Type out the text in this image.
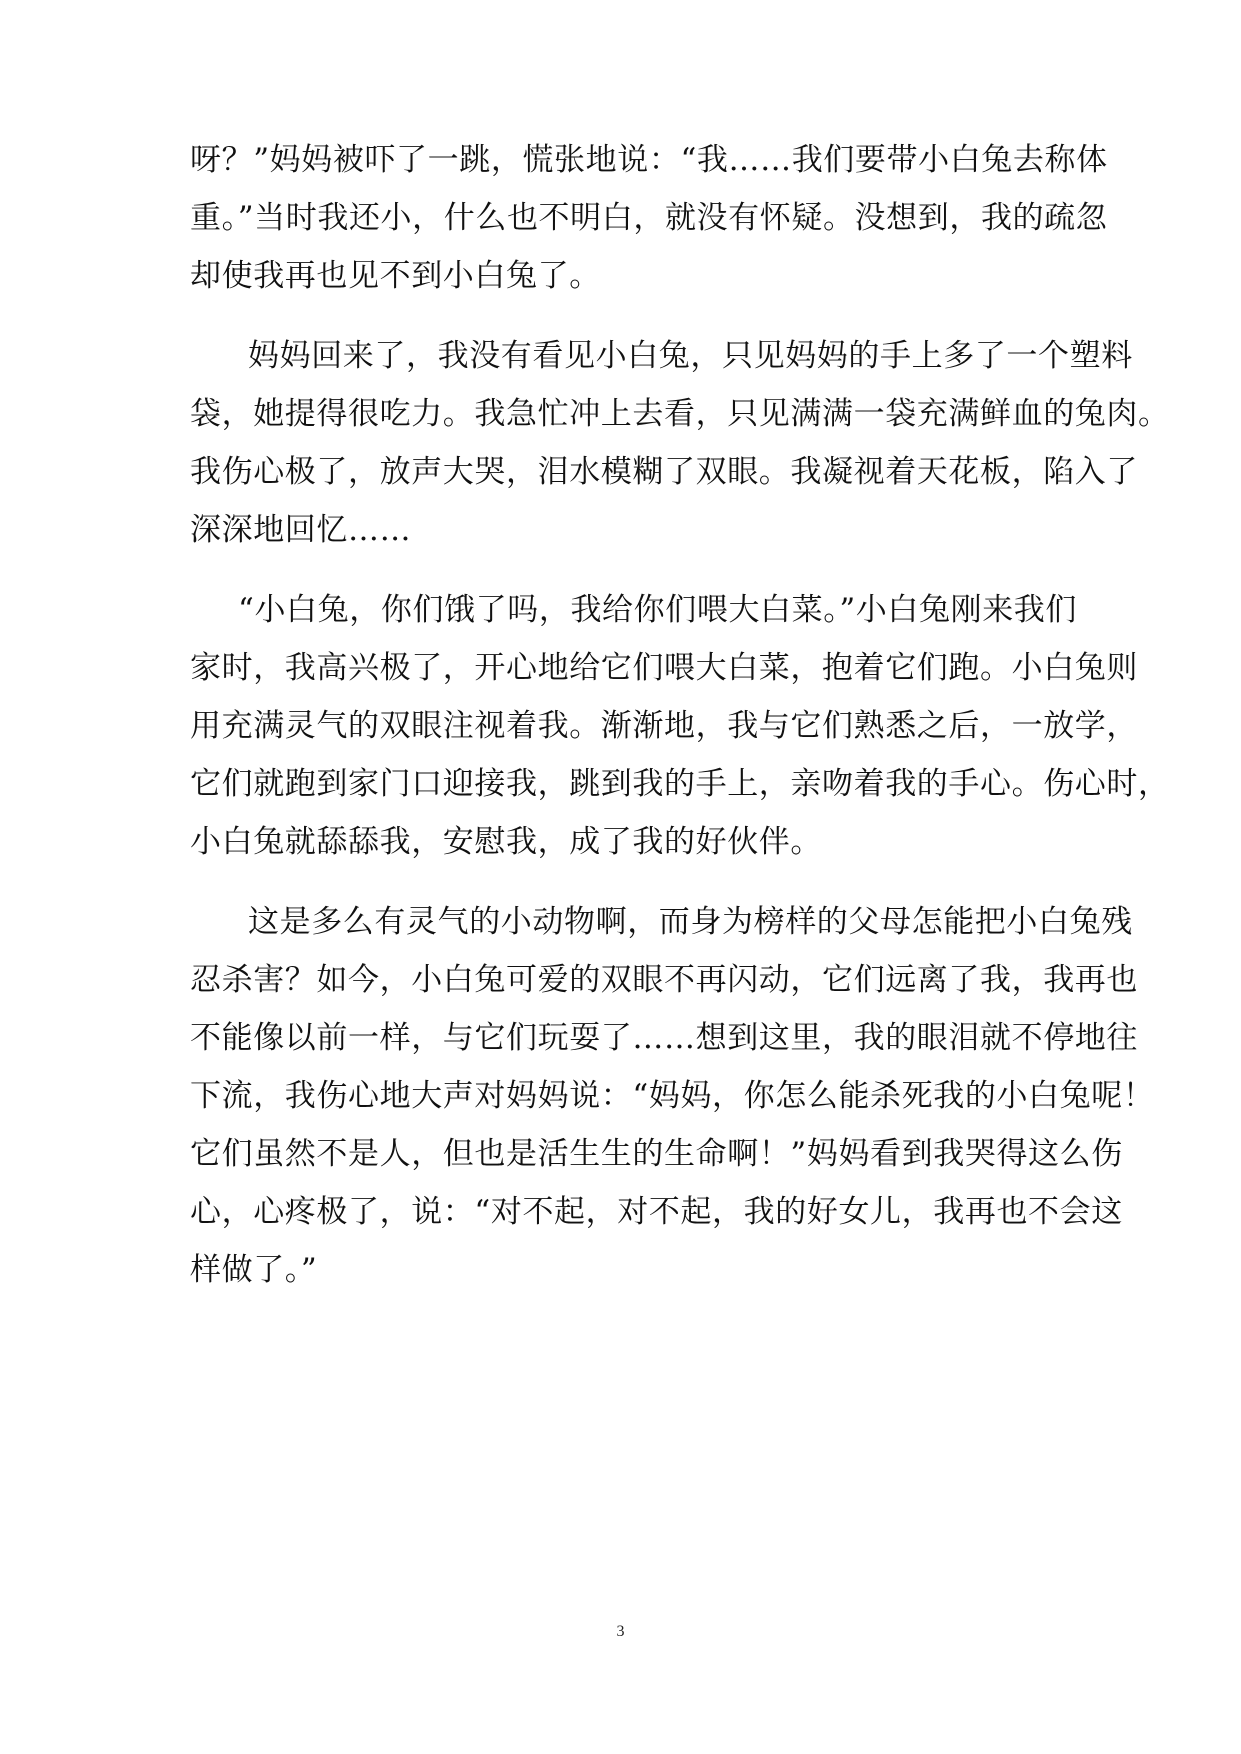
呀？”妈妈被吓了一跳，慌张地说：“我……我们要带小白兔去称体
重。”当时我还小，什么也不明白，就没有怀疑。没想到，我的疏忽
却使我再也见不到小白兔了。
妈妈回来了，我没有看见小白兔，只见妈妈的手上多了一个塑料
袋，她提得很吃力。我急忙冲上去看，只见满满一袋充满鲜血的兔肉。
我伤心极了，放声大哭，泪水模糊了双眼。我凝视着天花板，陷入了
深深地回忆……
“小白兔，你们饿了吗，我给你们喂大白菜。”小白兔刚来我们
家时，我高兴极了，开心地给它们喂大白菜，抱着它们跑。小白兔则
用充满灵气的双眼注视着我。渐渐地，我与它们熟悉之后，一放学，
它们就跑到家门口迎接我，跳到我的手上，亲吻着我的手心。伤心时，
小白兔就舔舔我，安慰我，成了我的好伙伴。
这是多么有灵气的小动物啊，而身为榜样的父母怎能把小白兔残
忍杀害？如今，小白兔可爱的双眼不再闪动，它们远离了我，我再也
不能像以前一样，与它们玩耍了……想到这里，我的眼泪就不停地往
下流，我伤心地大声对妈妈说：“妈妈，你怎么能杀死我的小白兔呢！
它们虽然不是人，但也是活生生的生命啊！”妈妈看到我哭得这么伤
心，心疼极了，说：“对不起，对不起，我的好女儿，我再也不会这
样做了。”
3
